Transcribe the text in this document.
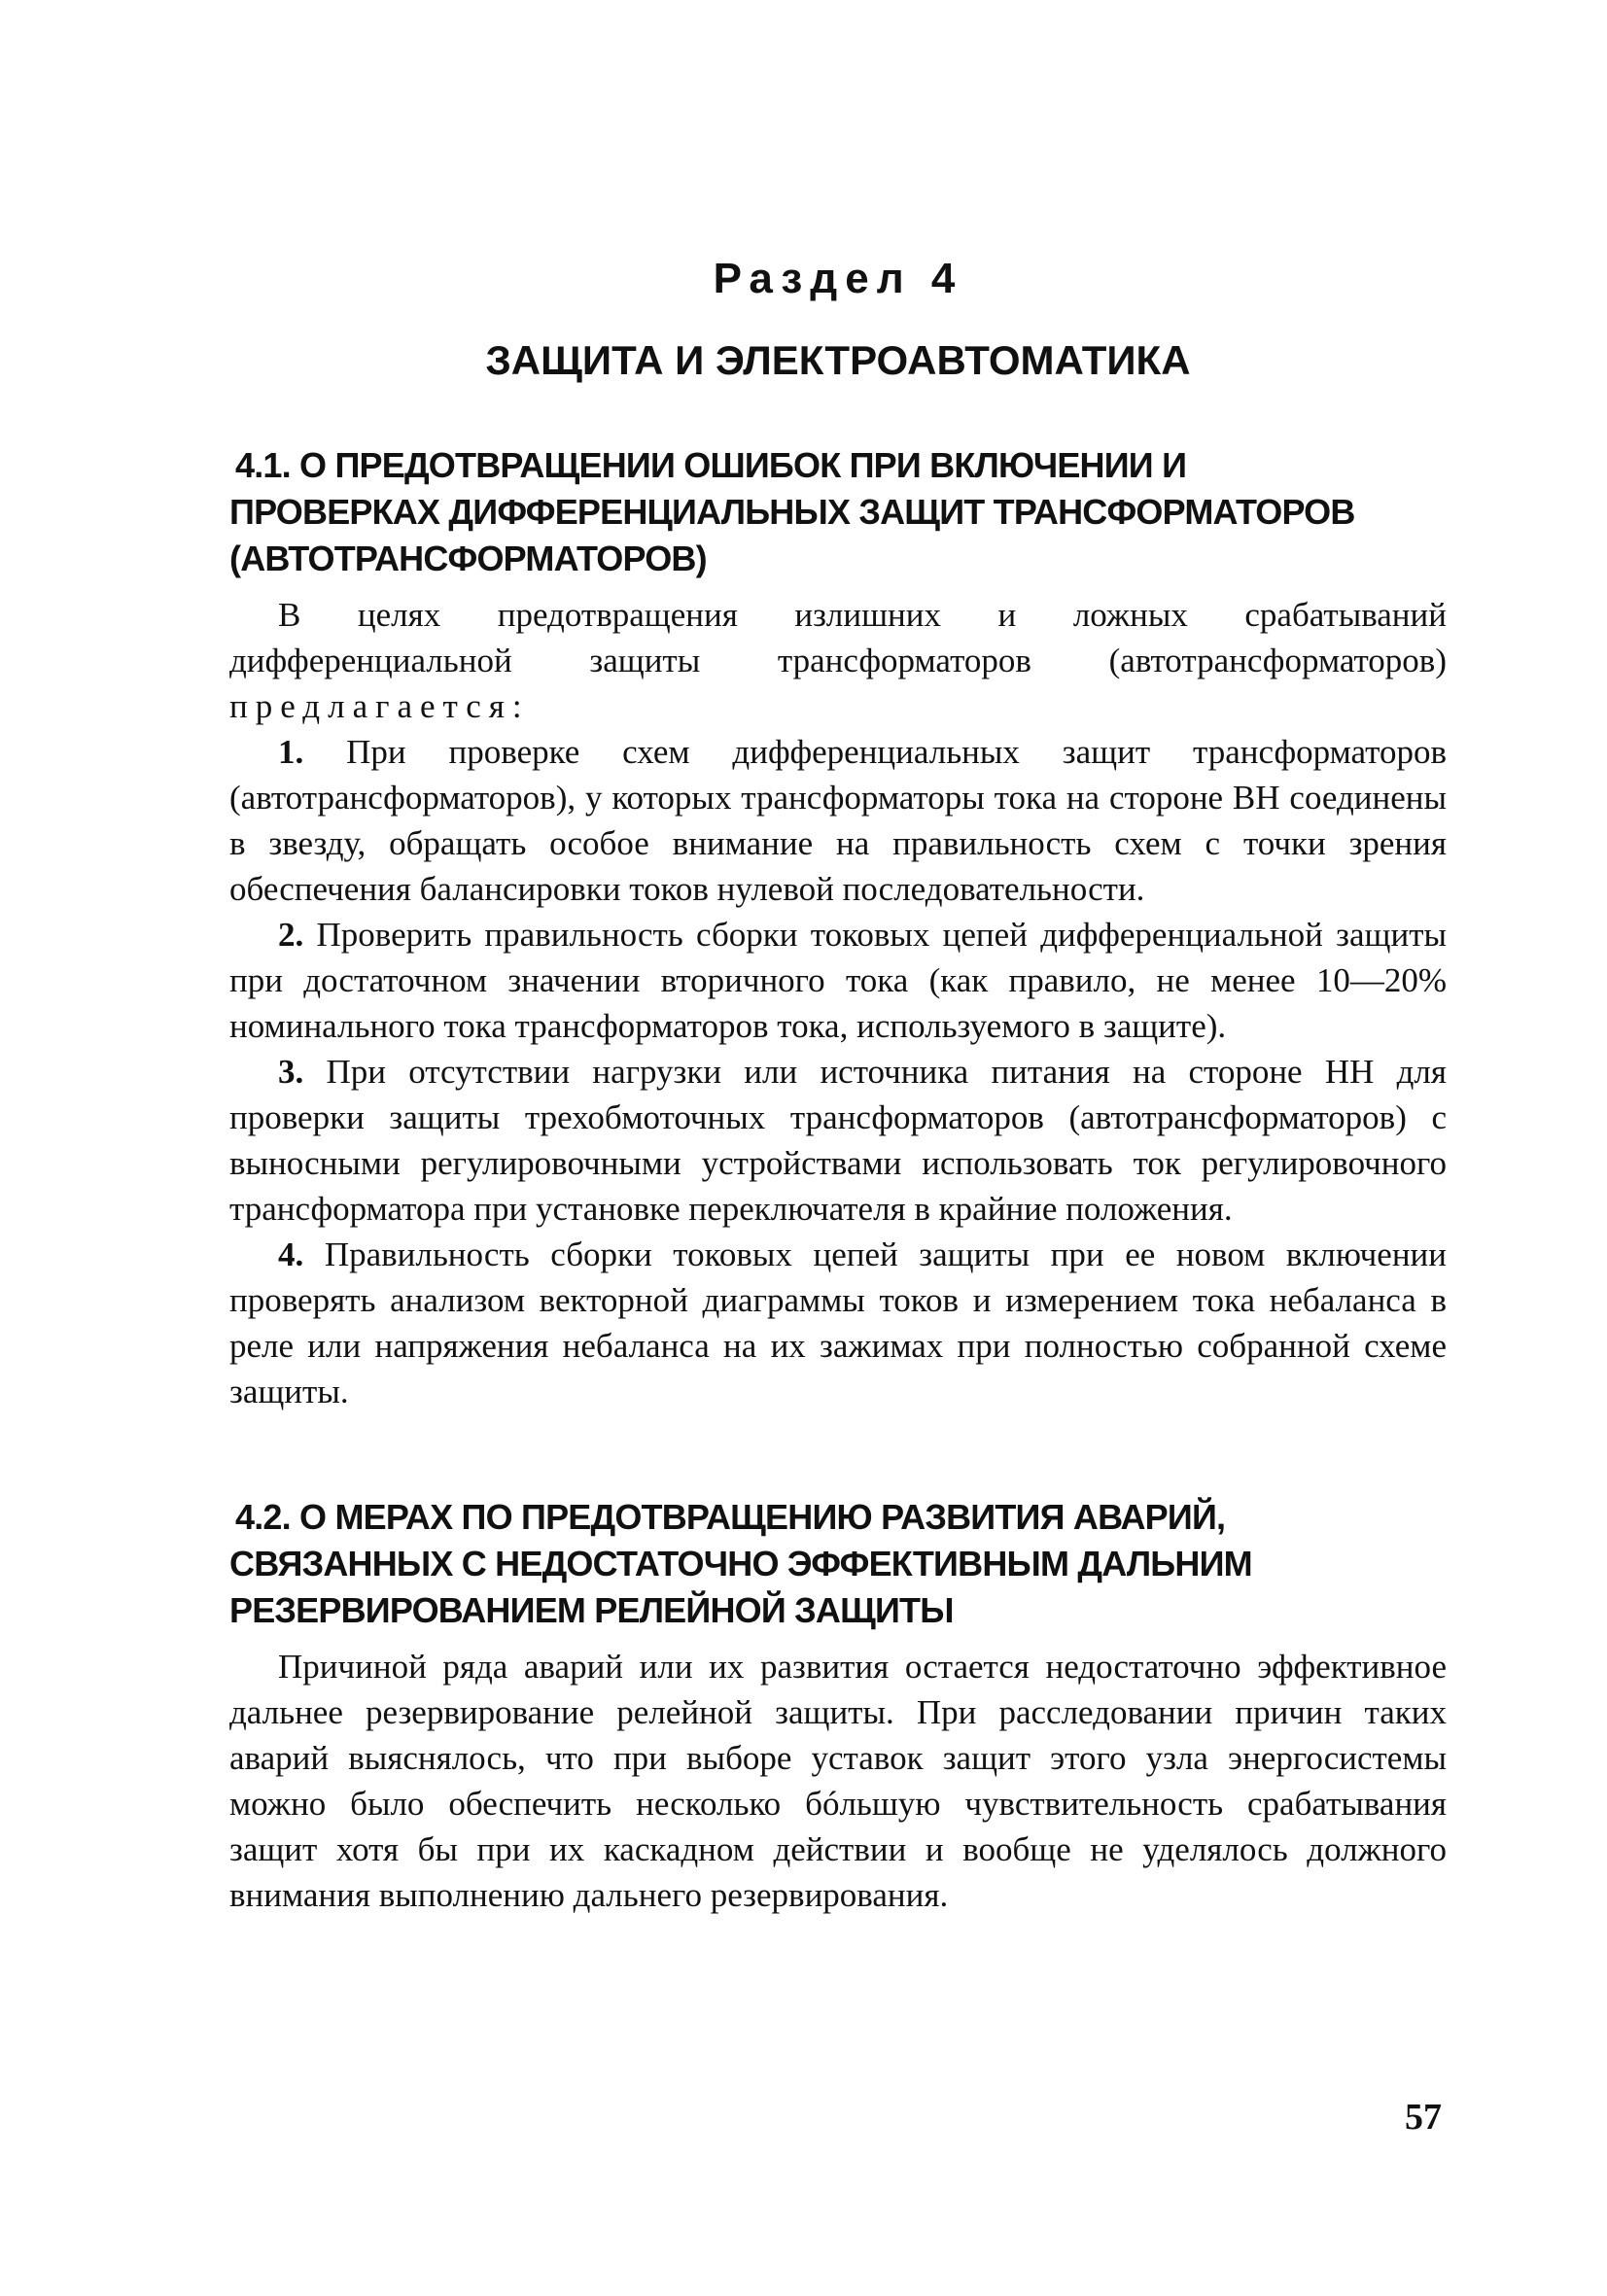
Раздел 4
ЗАЩИТА И ЭЛЕКТРОАВТОМАТИКА
4.1. О ПРЕДОТВРАЩЕНИИ ОШИБОК ПРИ ВКЛЮЧЕНИИ И
ПРОВЕРКАХ ДИФФЕРЕНЦИАЛЬНЫХ ЗАЩИТ ТРАНСФОРМАТОРОВ
(АВТОТРАНСФОРМАТОРОВ)

В целях предотвращения излишних и ложных срабатываний дифференциальной защиты трансформаторов (автотрансформаторов) предлагается:

1. При проверке схем дифференциальных защит трансформаторов (автотрансформаторов), у которых трансформаторы тока на стороне ВН соединены в звезду, обращать особое внимание на правильность схем с точки зрения обеспечения балансировки токов нулевой последовательности.

2. Проверить правильность сборки токовых цепей дифференциальной защиты при достаточном значении вторичного тока (как правило, не менее 10—20% номинального тока трансформаторов тока, используемого в защите).

3. При отсутствии нагрузки или источника питания на стороне НН для проверки защиты трехобмоточных трансформаторов (автотрансформаторов) с выносными регулировочными устройствами использовать ток регулировочного трансформатора при установке переключателя в крайние положения.

4. Правильность сборки токовых цепей защиты при ее новом включении проверять анализом векторной диаграммы токов и измерением тока небаланса в реле или напряжения небаланса на их зажимах при полностью собранной схеме защиты.

4.2. О МЕРАХ ПО ПРЕДОТВРАЩЕНИЮ РАЗВИТИЯ АВАРИЙ,
СВЯЗАННЫХ С НЕДОСТАТОЧНО ЭФФЕКТИВНЫМ ДАЛЬНИМ
РЕЗЕРВИРОВАНИЕМ РЕЛЕЙНОЙ ЗАЩИТЫ

Причиной ряда аварий или их развития остается недостаточно эффективное дальнее резервирование релейной защиты. При расследовании причин таких аварий выяснялось, что при выборе уставок защит этого узла энергосистемы можно было обеспечить несколько бóльшую чувствительность срабатывания защит хотя бы при их каскадном действии и вообще не уделялось должного внимания выполнению дальнего резервирования.

57
